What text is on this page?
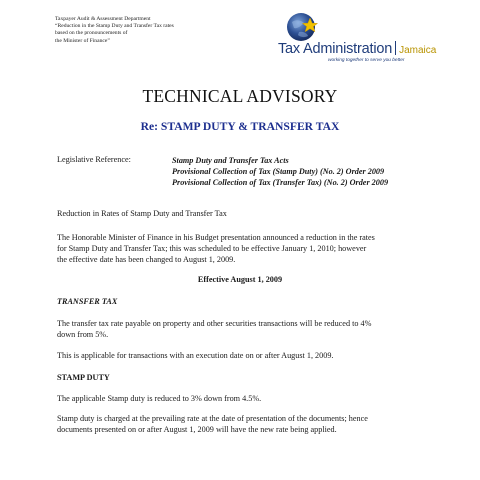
Taxpayer Audit & Assessment Department
“Reduction in the Stamp Duty and Transfer Tax rates
based on the pronouncements of
the Minister of Finance”
Tax Administration Jamaica
working together to serve you better
TECHNICAL ADVISORY
Re: STAMP DUTY & TRANSFER TAX
Legislative Reference:	Stamp Duty and Transfer Tax Acts
Provisional Collection of Tax (Stamp Duty) (No. 2) Order 2009
Provisional Collection of Tax (Transfer Tax) (No. 2) Order 2009
Reduction in Rates of Stamp Duty and Transfer Tax
The Honorable Minister of Finance in his Budget presentation announced a reduction in the rates
for Stamp Duty and Transfer Tax; this was scheduled to be effective January 1, 2010; however
the effective date has been changed to August 1, 2009.
Effective August 1, 2009
TRANSFER TAX
The transfer tax rate payable on property and other securities transactions will be reduced to 4%
down from 5%.
This is applicable for transactions with an execution date on or after August 1, 2009.
STAMP DUTY
The applicable Stamp duty is reduced to 3% down from 4.5%.
Stamp duty is charged at the prevailing rate at the date of presentation of the documents; hence
documents presented on or after August 1, 2009 will have the new rate being applied.
